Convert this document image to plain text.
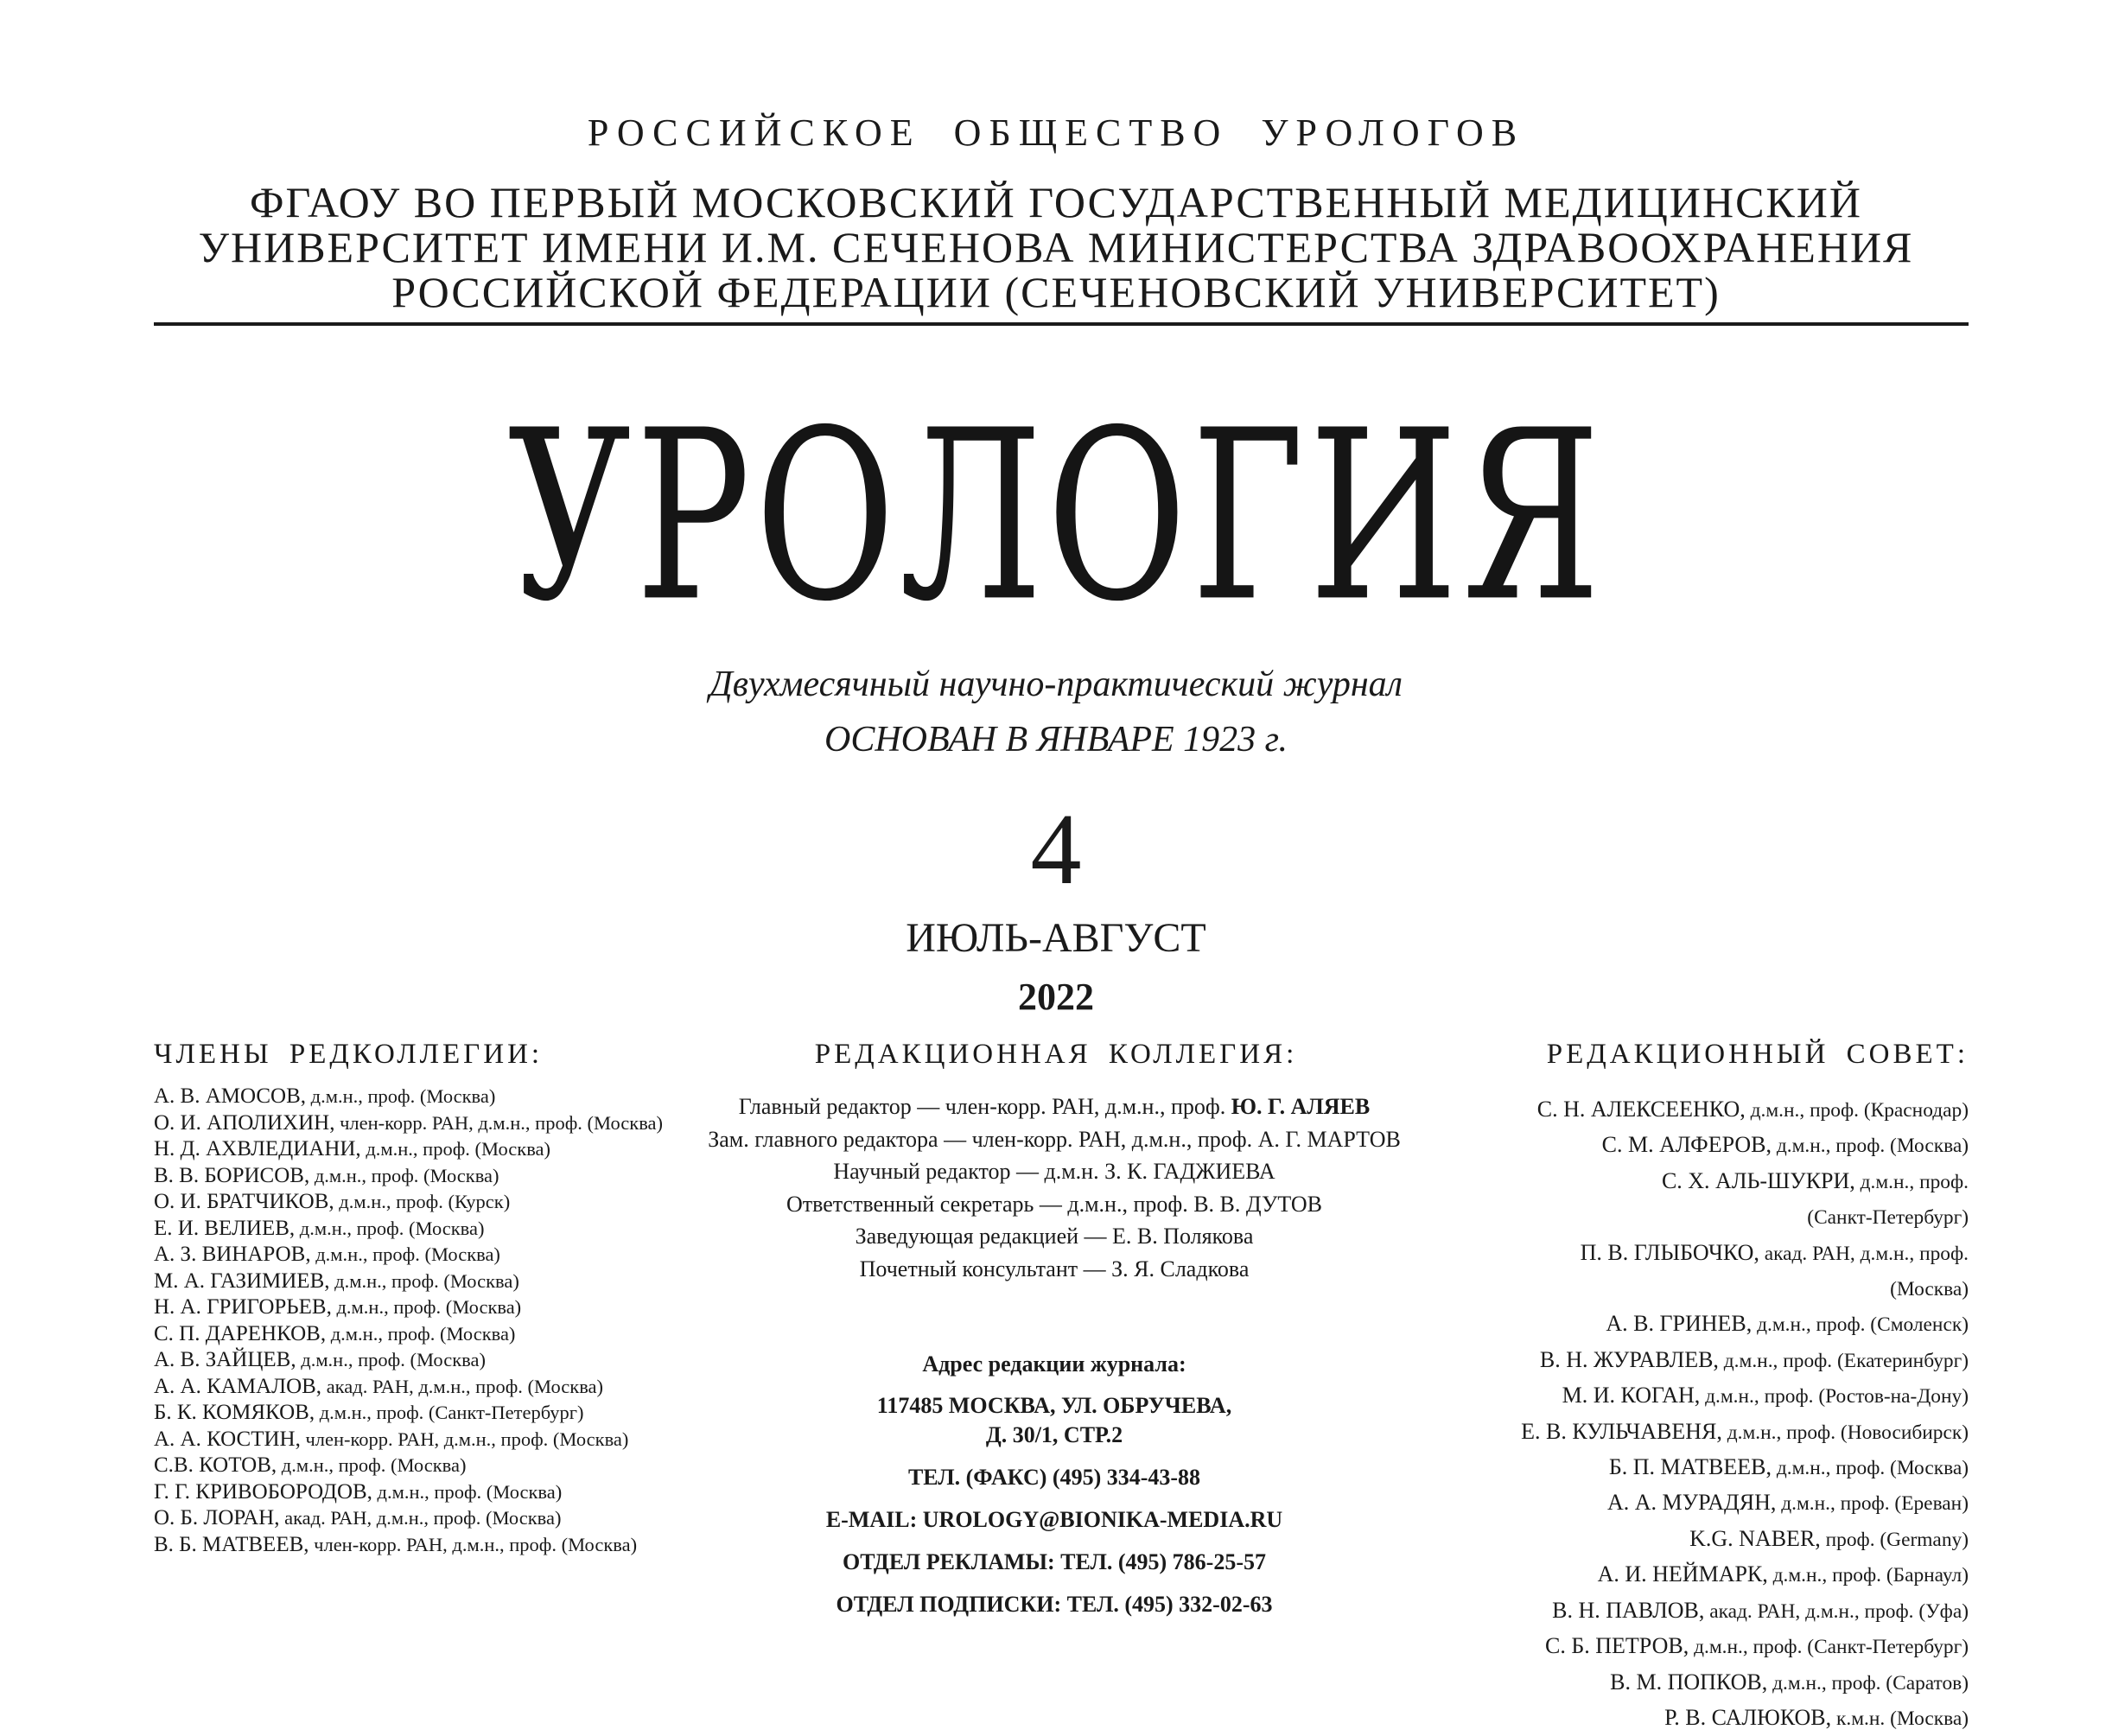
РОССИЙСКОЕ ОБЩЕСТВО УРОЛОГОВ
ФГАОУ ВО ПЕРВЫЙ МОСКОВСКИЙ ГОСУДАРСТВЕННЫЙ МЕДИЦИНСКИЙ
УНИВЕРСИТЕТ ИМЕНИ И.М. СЕЧЕНОВА МИНИСТЕРСТВА ЗДРАВООХРАНЕНИЯ
РОССИЙСКОЙ ФЕДЕРАЦИИ (СЕЧЕНОВСКИЙ УНИВЕРСИТЕТ)
УРОЛОГИЯ
Двухмесячный научно-практический журнал
ОСНОВАН В ЯНВАРЕ 1923 г.
4
ИЮЛЬ-АВГУСТ
2022
ЧЛЕНЫ РЕДКОЛЛЕГИИ:	РЕДАКЦИОННАЯ КОЛЛЕГИЯ:	РЕДАКЦИОННЫЙ СОВЕТ:
А. В. АМОСОВ, д.м.н., проф. (Москва)
О. И. АПОЛИХИН, член-корр. РАН, д.м.н., проф. (Москва)
Н. Д. АХВЛЕДИАНИ, д.м.н., проф. (Москва)
В. В. БОРИСОВ, д.м.н., проф. (Москва)
О. И. БРАТЧИКОВ, д.м.н., проф. (Курск)
Е. И. ВЕЛИЕВ, д.м.н., проф. (Москва)
А. З. ВИНАРОВ, д.м.н., проф. (Москва)
М. А. ГАЗИМИЕВ, д.м.н., проф. (Москва)
Н. А. ГРИГОРЬЕВ, д.м.н., проф. (Москва)
С. П. ДАРЕНКОВ, д.м.н., проф. (Москва)
А. В. ЗАЙЦЕВ, д.м.н., проф. (Москва)
А. А. КАМАЛОВ, акад. РАН, д.м.н., проф. (Москва)
Б. К. КОМЯКОВ, д.м.н., проф. (Санкт-Петербург)
А. А. КОСТИН, член-корр. РАН, д.м.н., проф. (Москва)
С.В. КОТОВ, д.м.н., проф. (Москва)
Г. Г. КРИВОБОРОДОВ, д.м.н., проф. (Москва)
О. Б. ЛОРАН, акад. РАН, д.м.н., проф. (Москва)
В. Б. МАТВЕЕВ, член-корр. РАН, д.м.н., проф. (Москва)
Главный редактор — член-корр. РАН, д.м.н., проф. Ю. Г. АЛЯЕВ
Зам. главного редактора — член-корр. РАН, д.м.н., проф. А. Г. МАРТОВ
Научный редактор — д.м.н. З. К. ГАДЖИЕВА
Ответственный секретарь — д.м.н., проф. В. В. ДУТОВ
Заведующая редакцией — Е. В. Полякова
Почетный консультант — З. Я. Сладкова
Адрес редакции журнала:
117485 МОСКВА, УЛ. ОБРУЧЕВА,
Д. 30/1, СТР.2
ТЕЛ. (ФАКС) (495) 334-43-88
E-MAIL: UROLOGY@BIONIKA-MEDIA.RU
ОТДЕЛ РЕКЛАМЫ: ТЕЛ. (495) 786-25-57
ОТДЕЛ ПОДПИСКИ: ТЕЛ. (495) 332-02-63
С. Н. АЛЕКСЕЕНКО, д.м.н., проф. (Краснодар)
С. М. АЛФЕРОВ, д.м.н., проф. (Москва)
С. Х. АЛЬ-ШУКРИ, д.м.н., проф.
(Санкт-Петербург)
П. В. ГЛЫБОЧКО, акад. РАН, д.м.н., проф.
(Москва)
А. В. ГРИНЕВ, д.м.н., проф. (Смоленск)
В. Н. ЖУРАВЛЕВ, д.м.н., проф. (Екатеринбург)
М. И. КОГАН, д.м.н., проф. (Ростов-на-Дону)
Е. В. КУЛЬЧАВЕНЯ, д.м.н., проф. (Новосибирск)
Б. П. МАТВЕЕВ, д.м.н., проф. (Москва)
А. А. МУРАДЯН, д.м.н., проф. (Ереван)
K.G. NABER, проф. (Germany)
А. И. НЕЙМАРК, д.м.н., проф. (Барнаул)
В. Н. ПАВЛОВ, акад. РАН, д.м.н., проф. (Уфа)
С. Б. ПЕТРОВ, д.м.н., проф. (Санкт-Петербург)
В. М. ПОПКОВ, д.м.н., проф. (Саратов)
Р. В. САЛЮКОВ, к.м.н. (Москва)
